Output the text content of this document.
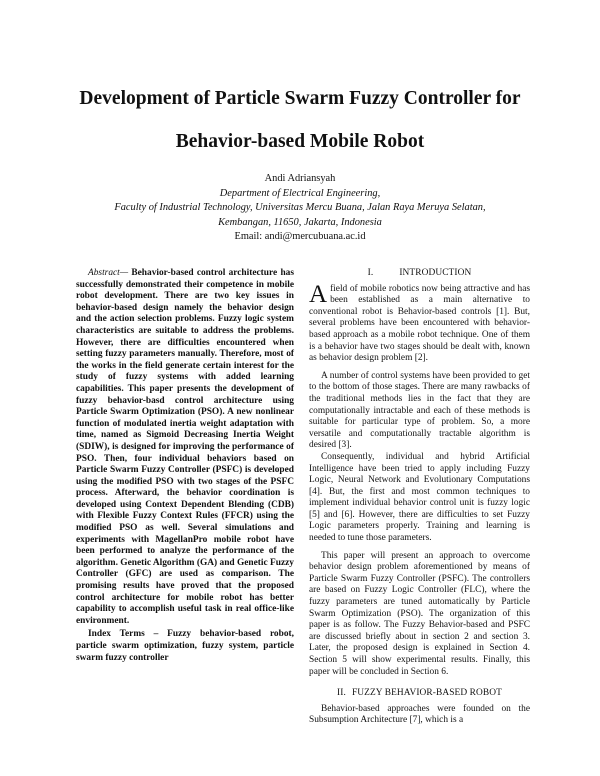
Development of Particle Swarm Fuzzy Controller for
Behavior-based Mobile Robot
Andi Adriansyah
Department of Electrical Engineering,
Faculty of Industrial Technology, Universitas Mercu Buana, Jalan Raya Meruya Selatan,
Kembangan, 11650, Jakarta, Indonesia
Email: andi@mercubuana.ac.id

Abstract— Behavior-based control architecture has successfully demonstrated their competence in mobile robot development. There are two key issues in behavior-based design namely the behavior design and the action selection problems. Fuzzy logic system characteristics are suitable to address the problems. However, there are difficulties encountered when setting fuzzy parameters manually. Therefore, most of the works in the field generate certain interest for the study of fuzzy systems with added learning capabilities. This paper presents the development of fuzzy behavior-basd control architecture using Particle Swarm Optimization (PSO). A new nonlinear function of modulated inertia weight adaptation with time, named as Sigmoid Decreasing Inertia Weight (SDIW), is designed for improving the performance of PSO. Then, four individual behaviors based on Particle Swarm Fuzzy Controller (PSFC) is developed using the modified PSO with two stages of the PSFC process. Afterward, the behavior coordination is developed using Context Dependent Blending (CDB) with Flexible Fuzzy Context Rules (FFCR) using the modified PSO as well. Several simulations and experiments with MagellanPro mobile robot have been performed to analyze the performance of the algorithm. Genetic Algorithm (GA) and Genetic Fuzzy Controller (GFC) are used as comparison. The promising results have proved that the proposed control architecture for mobile robot has better capability to accomplish useful task in real office-like environment.

Index Terms – Fuzzy behavior-based robot, particle swarm optimization, fuzzy system, particle swarm fuzzy controller

I.	INTRODUCTION

Afield of mobile robotics now being attractive and has been established as a main alternative to conventional robot is Behavior-based controls [1]. But, several problems have been encountered with behavior-based approach as a mobile robot technique. One of them is a behavior have two stages should be dealt with, known as behavior design problem [2].

A number of control systems have been provided to get to the bottom of those stages. There are many rawbacks of the traditional methods lies in the fact that they are computationally intractable and each of these methods is suitable for particular type of problem. So, a more versatile and computationally tractable algorithm is desired [3].

Consequently, individual and hybrid Artificial Intelligence have been tried to apply including Fuzzy Logic, Neural Network and Evolutionary Computations [4]. But, the first and most common techniques to implement individual behavior control unit is fuzzy logic [5] and [6]. However, there are difficulties to set Fuzzy Logic parameters properly. Training and learning is needed to tune those parameters.

This paper will present an approach to overcome behavior design problem aforementioned by means of Particle Swarm Fuzzy Controller (PSFC). The controllers are based on Fuzzy Logic Controller (FLC), where the fuzzy parameters are tuned automatically by Particle Swarm Optimization (PSO). The organization of this paper is as follow. The Fuzzy Behavior-based and PSFC are discussed briefly about in section 2 and section 3. Later, the proposed design is explained in Section 4. Section 5 will show experimental results. Finally, this paper will be concluded in Section 6.

II. FUZZY BEHAVIOR-BASED ROBOT

Behavior-based approaches were founded on the Subsumption Architecture [7], which is a
